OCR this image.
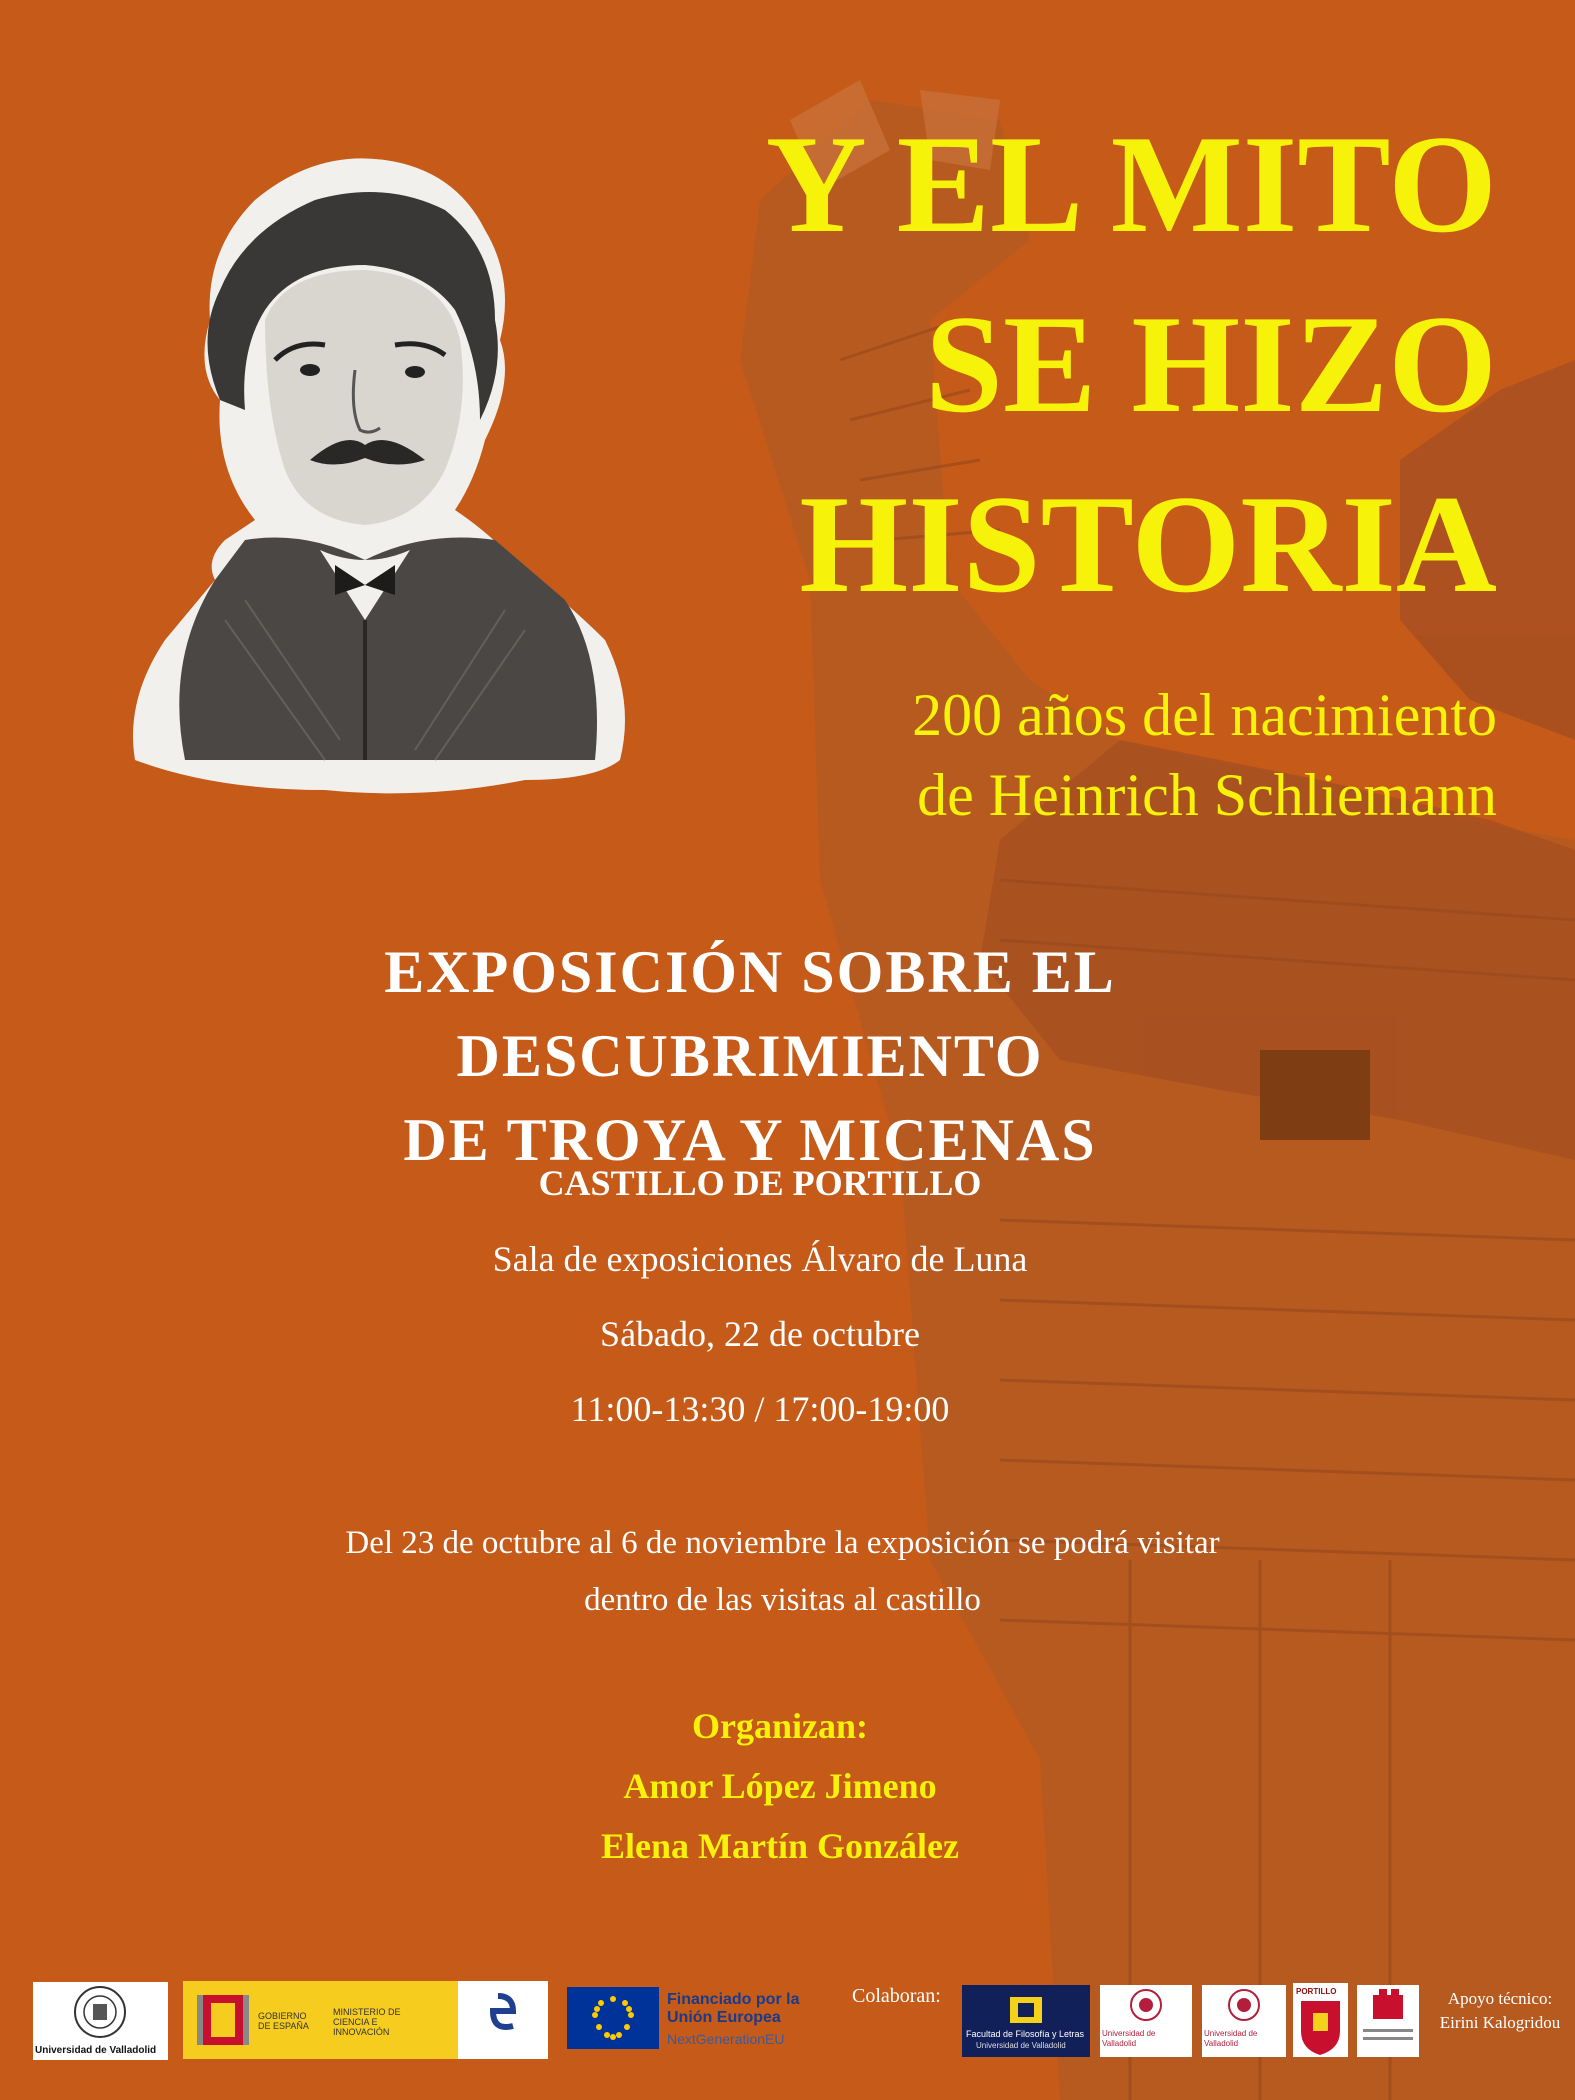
Y EL MITO
SE HIZO
HISTORIA
200 años del nacimiento
de Heinrich Schliemann
EXPOSICIÓN SOBRE EL DESCUBRIMIENTO
DE TROYA Y MICENAS
CASTILLO DE PORTILLO
Sala de exposiciones Álvaro de Luna
Sábado, 22 de octubre
11:00-13:30 / 17:00-19:00
Del 23 de octubre al 6 de noviembre la exposición se podrá visitar
dentro de las visitas al castillo
Organizan:
Amor López Jimeno
Elena Martín González
Universidad de Valladolid
GOBIERNO DE ESPAÑA
MINISTERIO DE CIENCIA E INNOVACIÓN
Financiado por la Unión Europea
NextGenerationEU
Colaboran:
Facultad de Filosofía y Letras
Universidad de Valladolid
Universidad de Valladolid
Universidad de Valladolid
PORTILLO	Apoyo técnico:
Eirini Kalogridou
